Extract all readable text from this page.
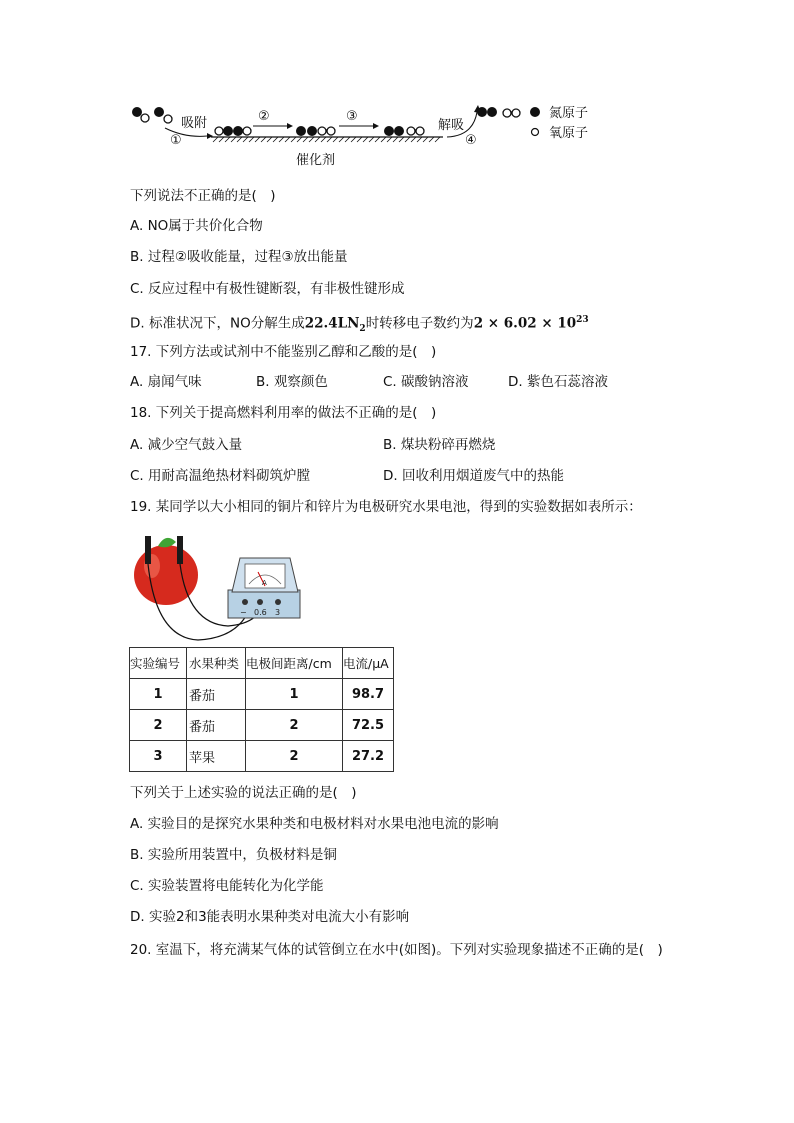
吸附
①
②	③
解吸
④
氮原子
氧原子
催化剂
下列说法不正确的是(　)
A. NO属于共价化合物
B. 过程②吸收能量，过程③放出能量
C. 反应过程中有极性键断裂，有非极性键形成
D. 标准状况下，NO分解生成$22.4LN_2$时转移电子数约为$2 \times 6.02 \times 10^{23}$
17. 下列方法或试剂中不能鉴别乙醇和乙酸的是(　)
A. 扇闻气味	B. 观察颜色	C. 碳酸钠溶液	D. 紫色石蕊溶液
18. 下列关于提高燃料利用率的做法不正确的是(　)
A. 减少空气鼓入量	B. 煤块粉碎再燃烧
C. 用耐高温绝热材料砌筑炉膛	D. 回收利用烟道废气中的热能
19. 某同学以大小相同的铜片和锌片为电极研究水果电池，得到的实验数据如表所示：
A
− 0.6 3
实验编号	水果种类	电极间距离/cm	电流/μA
1	番茄	1	98.7
2	番茄	2	72.5
3	苹果	2	27.2
下列关于上述实验的说法正确的是(　)
A. 实验目的是探究水果种类和电极材料对水果电池电流的影响
B. 实验所用装置中，负极材料是铜
C. 实验装置将电能转化为化学能
D. 实验2和3能表明水果种类对电流大小有影响
20. 室温下，将充满某气体的试管倒立在水中(如图)。下列对实验现象描述不正确的是(　)
